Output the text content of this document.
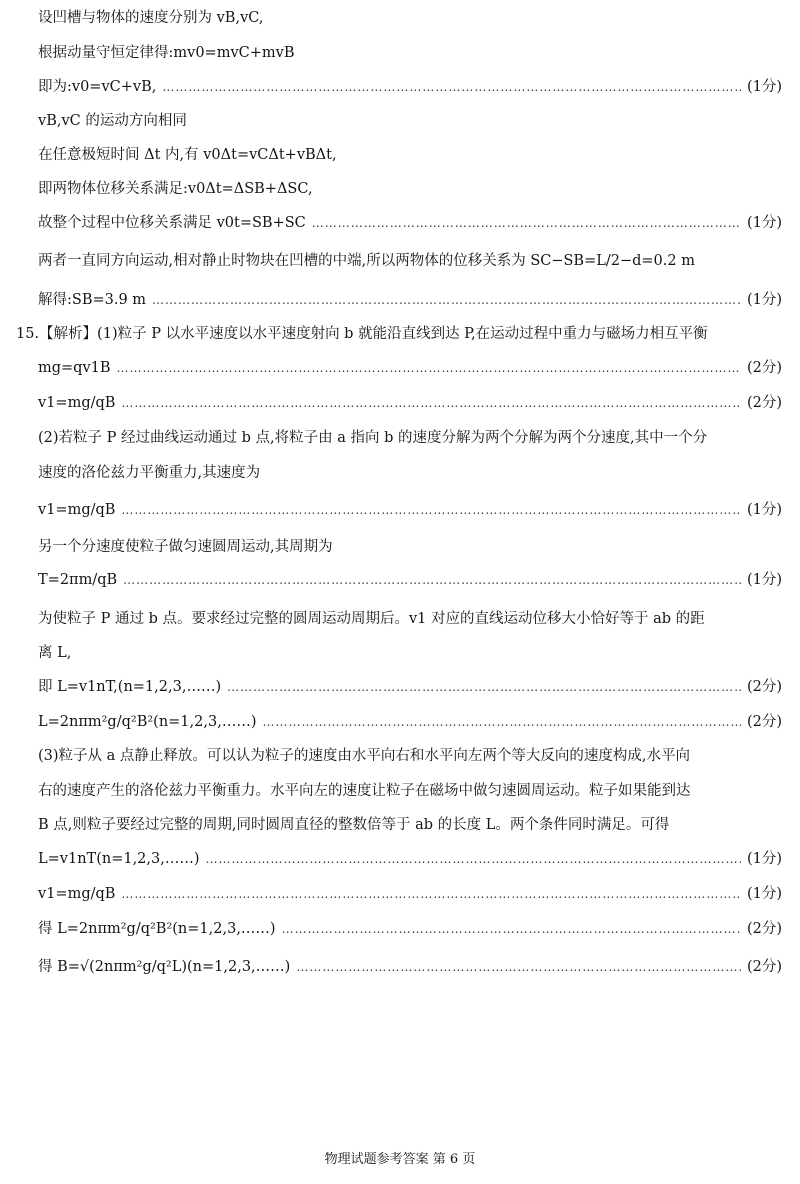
设凹槽与物体的速度分别为 vB,vC,
根据动量守恒定律得:mv0=mvC+mvB
即为:v0=vC+vB, ……………………………………………………………………………………………………………………………………………………………………………………………………………………	(1分)
vB,vC 的运动方向相同
在任意极短时间 Δt 内,有 v0Δt=vCΔt+vBΔt,
即两物体位移关系满足:v0Δt=ΔSB+ΔSC,
故整个过程中位移关系满足 v0t=SB+SC ……………………………………………………………………………………………………………………………………………………………………………………………………………………	(1分)
两者一直同方向运动,相对静止时物块在凹槽的中端,所以两物体的位移关系为 SC−SB=L/2−d=0.2 m
解得:SB=3.9 m ……………………………………………………………………………………………………………………………………………………………………………………………………………………	(1分)
15.【解析】(1)粒子 P 以水平速度以水平速度射向 b 就能沿直线到达 P,在运动过程中重力与磁场力相互平衡
mg=qv1B ……………………………………………………………………………………………………………………………………………………………………………………………………………………	(2分)
v1=mg/qB ……………………………………………………………………………………………………………………………………………………………………………………………………………………	(2分)
(2)若粒子 P 经过曲线运动通过 b 点,将粒子由 a 指向 b 的速度分解为两个分解为两个分速度,其中一个分
速度的洛伦兹力平衡重力,其速度为
v1=mg/qB ……………………………………………………………………………………………………………………………………………………………………………………………………………………	(1分)
另一个分速度使粒子做匀速圆周运动,其周期为
T=2πm/qB ……………………………………………………………………………………………………………………………………………………………………………………………………………………	(1分)
为使粒子 P 通过 b 点。要求经过完整的圆周运动周期后。v1 对应的直线运动位移大小恰好等于 ab 的距
离 L,
即 L=v1nT,(n=1,2,3,……) ……………………………………………………………………………………………………………………………………………………………………………………………………………………	(2分)
L=2nπm²g/q²B²(n=1,2,3,……) ……………………………………………………………………………………………………………………………………………………………………………………………………………………	(2分)
(3)粒子从 a 点静止释放。可以认为粒子的速度由水平向右和水平向左两个等大反向的速度构成,水平向
右的速度产生的洛伦兹力平衡重力。水平向左的速度让粒子在磁场中做匀速圆周运动。粒子如果能到达
B 点,则粒子要经过完整的周期,同时圆周直径的整数倍等于 ab 的长度 L。两个条件同时满足。可得
L=v1nT(n=1,2,3,……) ……………………………………………………………………………………………………………………………………………………………………………………………………………………	(1分)
v1=mg/qB ……………………………………………………………………………………………………………………………………………………………………………………………………………………	(1分)
得 L=2nπm²g/q²B²(n=1,2,3,……) ……………………………………………………………………………………………………………………………………………………………………………………………………………………	(2分)
得 B=√(2nπm²g/q²L)(n=1,2,3,……) ……………………………………………………………………………………………………………………………………………………………………………………………………………………	(2分)
物理试题参考答案 第 6 页
